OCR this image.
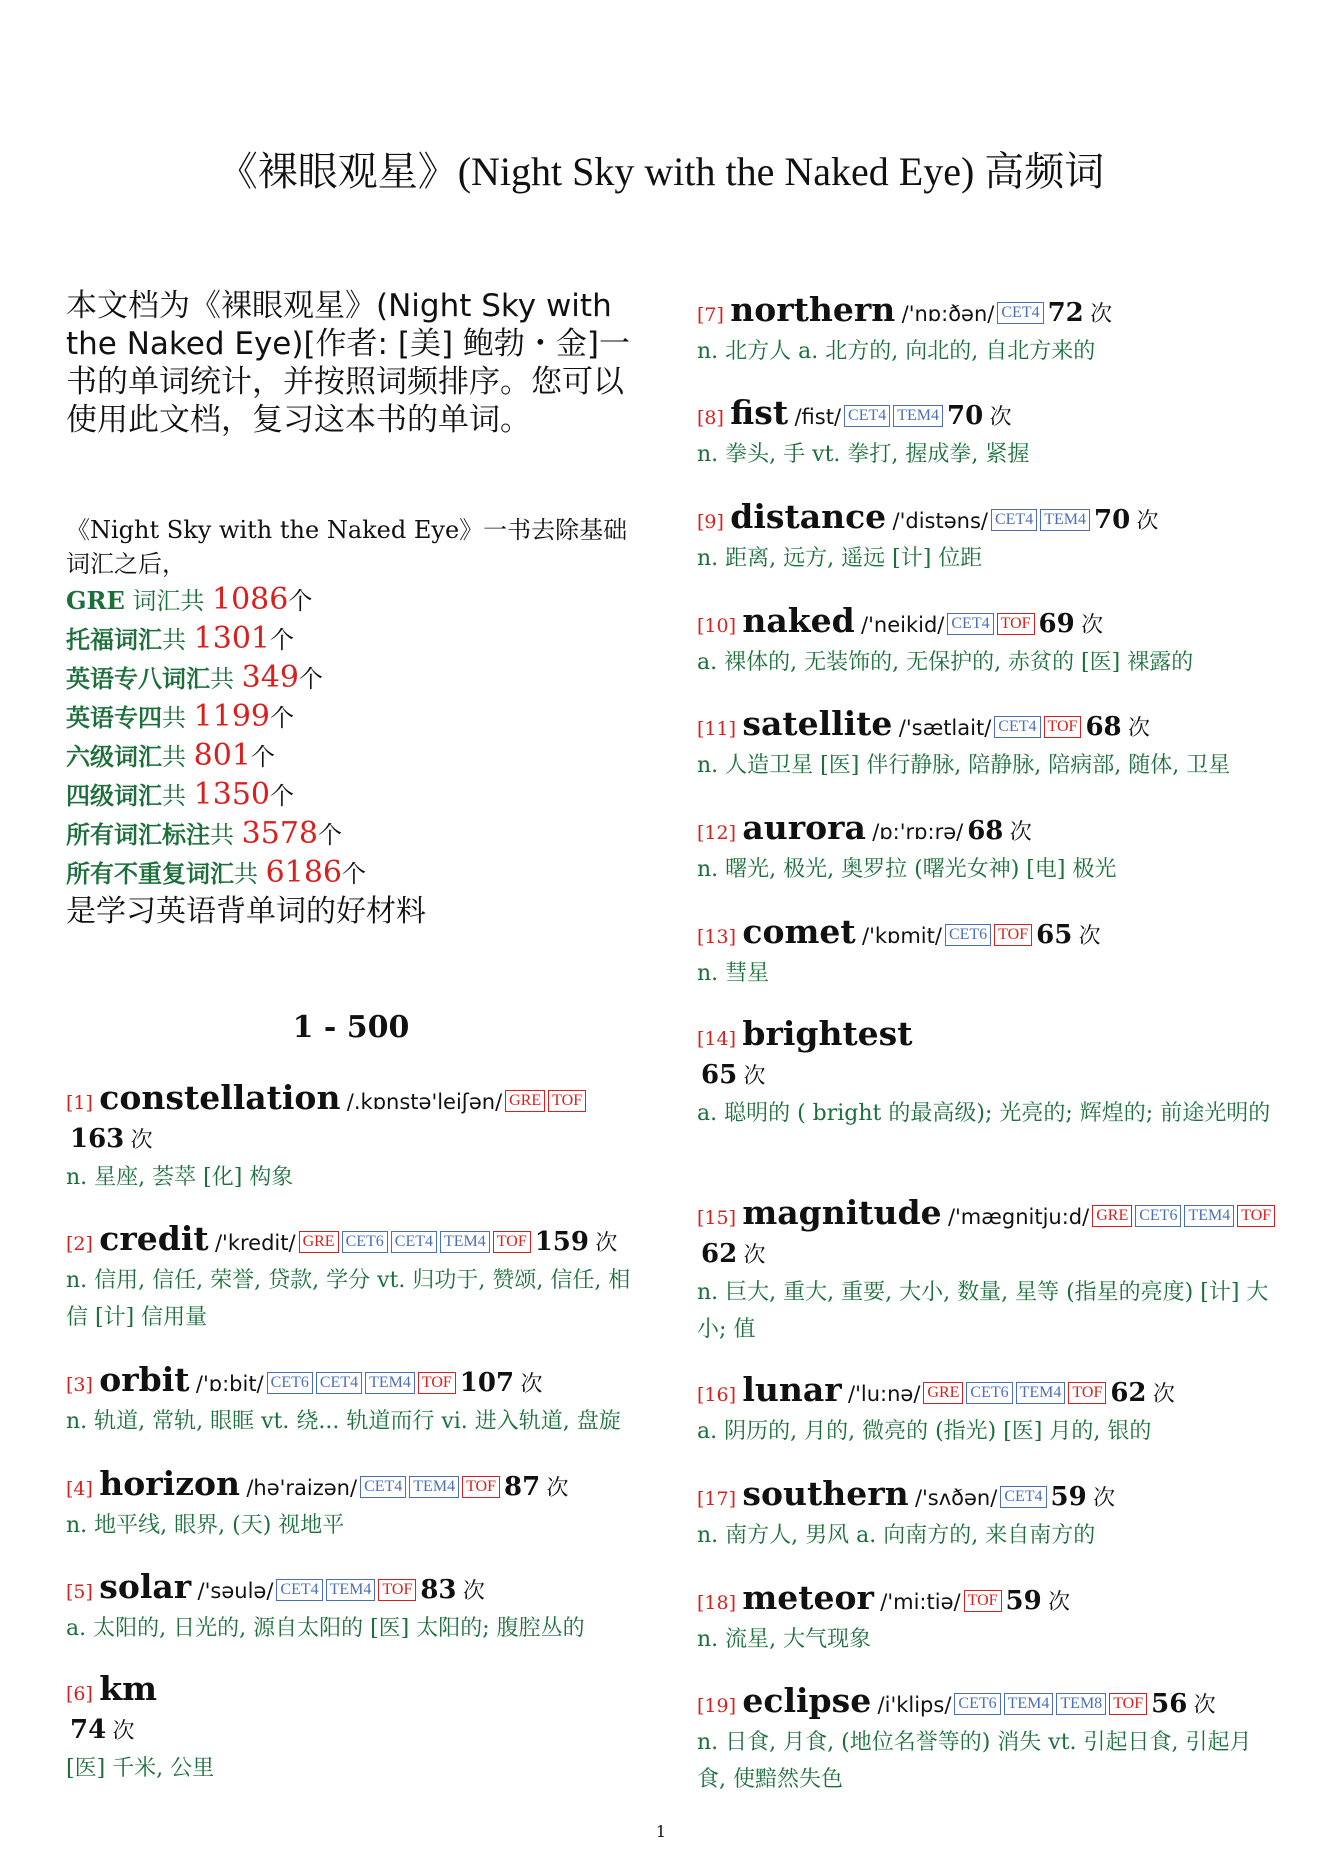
《裸眼观星》(Night Sky with the Naked Eye) 高频词
本文档为《裸眼观星》(Night Sky with the Naked Eye)[作者: [美] 鲍勃・金]一书的单词统计，并按照词频排序。您可以使用此文档，复习这本书的单词。
《Night Sky with the Naked Eye》一书去除基础词汇之后，
GRE 词汇共 1086个
托福词汇共 1301个
英语专八词汇共 349个
英语专四共 1199个
六级词汇共 801个
四级词汇共 1350个
所有词汇标注共 3578个
所有不重复词汇共 6186个
是学习英语背单词的好材料
1 - 500
[1] constellation /.kɒnstə'leiʃən/ GRE TOF163 次
n. 星座, 荟萃 [化] 构象
[2] credit /'kredit/ GRE CET6 CET4 TEM4 TOF 159 次
n. 信用, 信任, 荣誉, 贷款, 学分 vt. 归功于, 赞颂, 信任, 相信 [计] 信用量
[3] orbit /'ɒ:bit/ CET6 CET4 TEM4 TOF 107 次
n. 轨道, 常轨, 眼眶 vt. 绕... 轨道而行 vi. 进入轨道, 盘旋
[4] horizon /hə'raizən/ CET4 TEM4 TOF 87 次
n. 地平线, 眼界, (天) 视地平
[5] solar /'səulə/ CET4 TEM4 TOF 83 次
a. 太阳的, 日光的, 源自太阳的 [医] 太阳的; 腹腔丛的
[6] km
74 次
[医] 千米, 公里
[7] northern /'nɒ:ðən/ CET4 72 次
n. 北方人 a. 北方的, 向北的, 自北方来的
[8] fist /fist/ CET4 TEM4 70 次
n. 拳头, 手 vt. 拳打, 握成拳, 紧握
[9] distance /'distəns/ CET4 TEM4 70 次
n. 距离, 远方, 遥远 [计] 位距
[10] naked /'neikid/ CET4 TOF 69 次
a. 裸体的, 无装饰的, 无保护的, 赤贫的 [医] 裸露的
[11] satellite /'sætlait/ CET4 TOF 68 次
n. 人造卫星 [医] 伴行静脉, 陪静脉, 陪病部, 随体, 卫星
[12] aurora /ɒ:'rɒ:rə/ 68 次
n. 曙光, 极光, 奥罗拉 (曙光女神) [电] 极光
[13] comet /'kɒmit/ CET6 TOF 65 次
n. 彗星
[14] brightest
65 次
a. 聪明的 ( bright 的最高级); 光亮的; 辉煌的; 前途光明的
[15] magnitude /'mægnitju:d/ GRE CET6 TEM4 TOF62 次
n. 巨大, 重大, 重要, 大小, 数量, 星等 (指星的亮度) [计] 大小; 值
[16] lunar /'lu:nə/ GRE CET6 TEM4 TOF 62 次
a. 阴历的, 月的, 微亮的 (指光) [医] 月的, 银的
[17] southern /'sʌðən/ CET4 59 次
n. 南方人, 男风 a. 向南方的, 来自南方的
[18] meteor /'mi:tiə/ TOF 59 次
n. 流星, 大气现象
[19] eclipse /i'klips/ CET6 TEM4 TEM8 TOF 56 次
n. 日食, 月食, (地位名誉等的) 消失 vt. 引起日食, 引起月食, 使黯然失色
1
